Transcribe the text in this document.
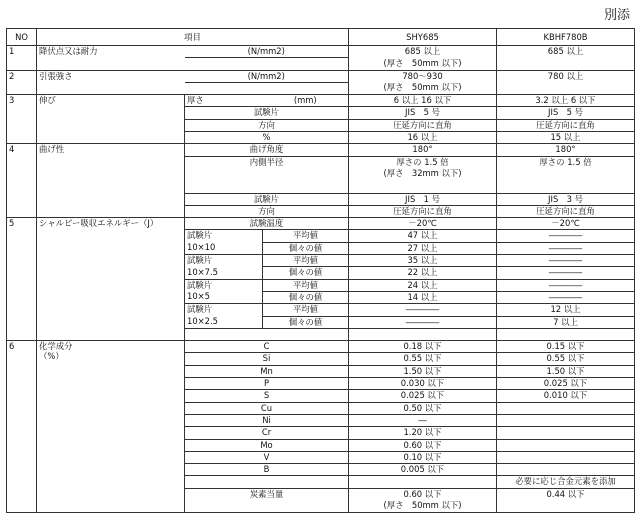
別添
NO	項目			SHY685	KBHF780B
1	降伏点又は耐力	(N/mm2)		685 以上	685 以上
				(厚さ　50mm 以下)	
2	引張強さ	(N/mm2)		780～930	780 以上
				(厚さ　50mm 以下)	
3	伸び	厚さ	(mm)	6 以上 16 以下	3.2 以上 6 以下
		試験片		JIS　5 号	JIS　5 号
		方向		圧延方向に直角	圧延方向に直角
		%		16 以上	15 以上
4	曲げ性	曲げ角度		180°	180°
		内側半径		厚さの 1.5 倍	厚さの 1.5 倍
				(厚さ　32mm 以下)	

		試験片		JIS　1 号	JIS　3 号
		方向		圧延方向に直角	圧延方向に直角
5	シャルピー吸収エネルギー（J）	試験温度		－20℃	－20℃
		試験片	平均値	47 以上	――――
		10×10	個々の値	27 以上	――――
		試験片	平均値	35 以上	――――
		10×7.5	個々の値	22 以上	――――
		試験片	平均値	24 以上	――――
		10×5	個々の値	14 以上	――――
		試験片	平均値	――――	12 以上
		10×2.5	個々の値	――――	7 以上

6	化学成分
（%）	C		0.18 以下	0.15 以下
		Si		0.55 以下	0.55 以下
		Mn		1.50 以下	1.50 以下
		P		0.030 以下	0.025 以下
		S		0.025 以下	0.010 以下
		Cu		0.50 以下	
		Ni		―	
		Cr		1.20 以下	
		Mo		0.60 以下	
		V		0.10 以下	
		B		0.005 以下	
					必要に応じ合金元素を添加
		炭素当量		0.60 以下	0.44 以下
				(厚さ　50mm 以下)	
